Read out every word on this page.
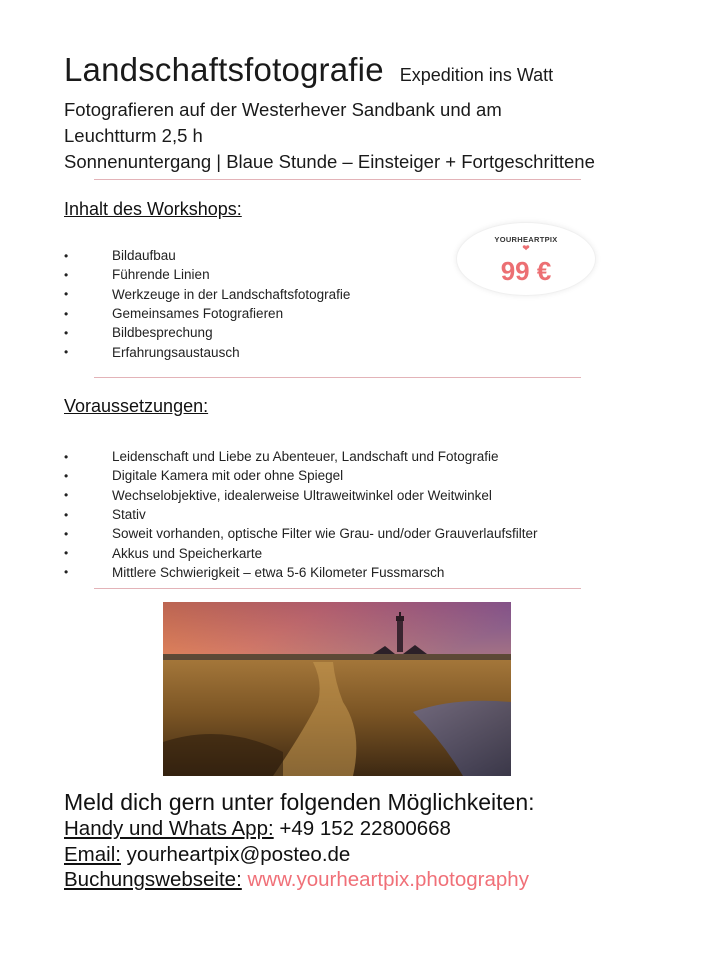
Landschaftsfotografie Expedition ins Watt
Fotografieren auf der Westerhever Sandbank und am
Leuchtturm 2,5 h
Sonnenuntergang | Blaue Stunde – Einsteiger + Fortgeschrittene
Inhalt des Workshops:
•	Bildaufbau
•	Führende Linien
•	Werkzeuge in der Landschaftsfotografie
•	Gemeinsames Fotografieren
•	Bildbesprechung
•	Erfahrungsaustausch
YOURHEARTPIX
❤
99 €
Voraussetzungen:
•	Leidenschaft und Liebe zu Abenteuer, Landschaft und Fotografie
•	Digitale Kamera mit oder ohne Spiegel
•	Wechselobjektive, idealerweise Ultraweitwinkel oder Weitwinkel
•	Stativ
•	Soweit vorhanden, optische Filter wie Grau- und/oder Grauverlaufsfilter
•	Akkus und Speicherkarte
•	Mittlere Schwierigkeit – etwa 5-6 Kilometer Fussmarsch
Meld dich gern unter folgenden Möglichkeiten:
Handy und Whats App: +49 152 22800668
Email: yourheartpix@posteo.de
Buchungswebseite: www.yourheartpix.photography
